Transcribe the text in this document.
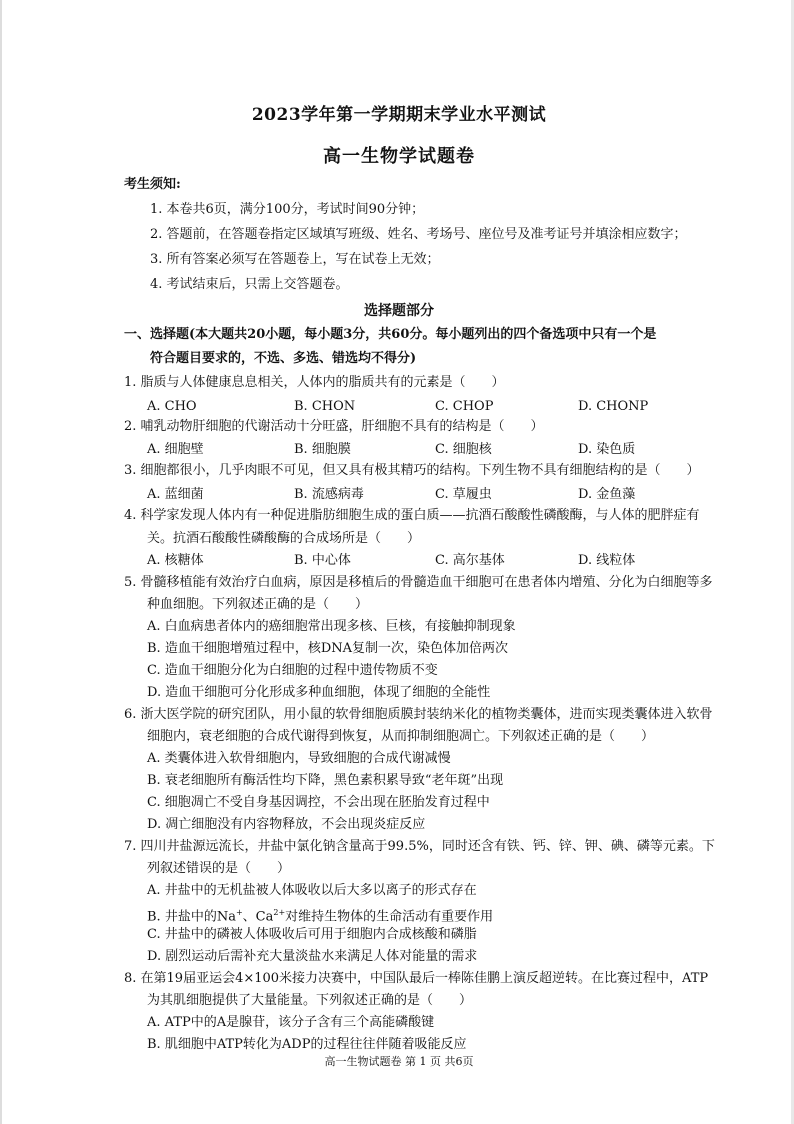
2023学年第一学期期末学业水平测试
高一生物学试题卷
考生须知:
1. 本卷共6页，满分100分，考试时间90分钟；
2. 答题前，在答题卷指定区域填写班级、姓名、考场号、座位号及准考证号并填涂相应数字；
3. 所有答案必须写在答题卷上，写在试卷上无效；
4. 考试结束后，只需上交答题卷。
选择题部分
一、选择题(本大题共20小题，每小题3分，共60分。每小题列出的四个备选项中只有一个是
符合题目要求的，不选、多选、错选均不得分)
1. 脂质与人体健康息息相关，人体内的脂质共有的元素是（　　）
A. CHO	B. CHON	C. CHOP	D. CHONP
2. 哺乳动物肝细胞的代谢活动十分旺盛，肝细胞不具有的结构是（　　）
A. 细胞壁	B. 细胞膜	C. 细胞核	D. 染色质
3. 细胞都很小，几乎肉眼不可见，但又具有极其精巧的结构。下列生物不具有细胞结构的是（　　）
A. 蓝细菌	B. 流感病毒	C. 草履虫	D. 金鱼藻
4. 科学家发现人体内有一种促进脂肪细胞生成的蛋白质——抗酒石酸酸性磷酸酶，与人体的肥胖症有
关。抗酒石酸酸性磷酸酶的合成场所是（　　）
A. 核糖体	B. 中心体	C. 高尔基体	D. 线粒体
5. 骨髓移植能有效治疗白血病，原因是移植后的骨髓造血干细胞可在患者体内增殖、分化为白细胞等多
种血细胞。下列叙述正确的是（　　）
A. 白血病患者体内的癌细胞常出现多核、巨核，有接触抑制现象
B. 造血干细胞增殖过程中，核DNA复制一次，染色体加倍两次
C. 造血干细胞分化为白细胞的过程中遗传物质不变
D. 造血干细胞可分化形成多种血细胞，体现了细胞的全能性
6. 浙大医学院的研究团队，用小鼠的软骨细胞质膜封装纳米化的植物类囊体，进而实现类囊体进入软骨
细胞内，衰老细胞的合成代谢得到恢复，从而抑制细胞凋亡。下列叙述正确的是（　　）
A. 类囊体进入软骨细胞内，导致细胞的合成代谢减慢
B. 衰老细胞所有酶活性均下降，黑色素积累导致“老年斑”出现
C. 细胞凋亡不受自身基因调控，不会出现在胚胎发育过程中
D. 凋亡细胞没有内容物释放，不会出现炎症反应
7. 四川井盐源远流长，井盐中氯化钠含量高于99.5%，同时还含有铁、钙、锌、钾、碘、磷等元素。下
列叙述错误的是（　　）
A. 井盐中的无机盐被人体吸收以后大多以离子的形式存在
B. 井盐中的Na+、$Ca^{2+}$对维持生物体的生命活动有重要作用
C. 井盐中的磷被人体吸收后可用于细胞内合成核酸和磷脂
D. 剧烈运动后需补充大量淡盐水来满足人体对能量的需求
8. 在第19届亚运会4×100米接力决赛中，中国队最后一棒陈佳鹏上演反超逆转。在比赛过程中，ATP
为其肌细胞提供了大量能量。下列叙述正确的是（　　）
A. ATP中的A是腺苷，该分子含有三个高能磷酸键
B. 肌细胞中ATP转化为ADP的过程往往伴随着吸能反应
高一生物试题卷 第 1 页 共6页
